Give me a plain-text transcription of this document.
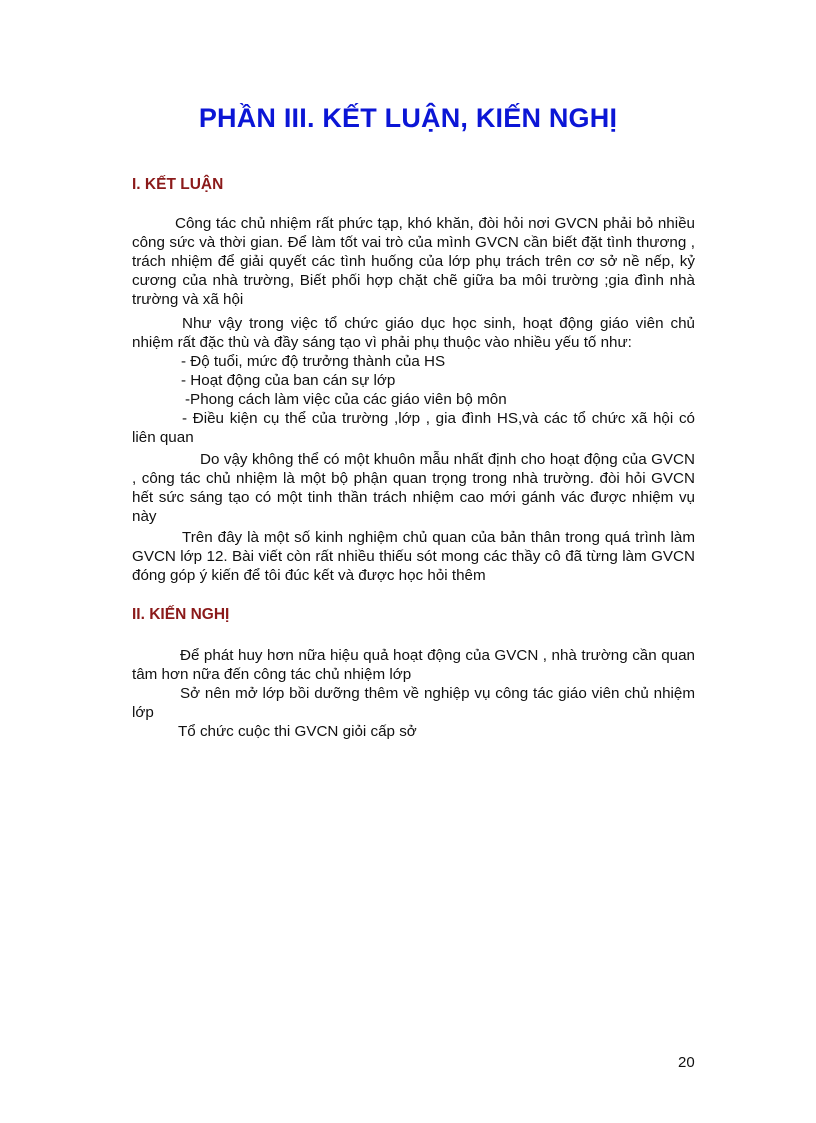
PHẦN III. KẾT LUẬN, KIẾN NGHỊ
I. KẾT LUẬN

Công tác chủ nhiệm rất phức tạp, khó khăn, đòi hỏi nơi GVCN phải bỏ nhiều công sức và thời gian. Để làm tốt vai trò của mình GVCN cần biết đặt tình thương , trách nhiệm để giải quyết các tình huống của lớp phụ trách trên cơ sở nề nếp, kỷ cương của nhà trường, Biết phối hợp chặt chẽ giữa ba môi trường ;gia đình nhà trường và xã hội

Như vậy trong việc tổ chức giáo dục học sinh, hoạt động giáo viên chủ nhiệm rất đặc thù và đầy sáng tạo vì phải phụ thuộc vào nhiều yếu tố như:

- Độ tuổi, mức độ trưởng thành của HS

- Hoạt động của ban cán sự lớp

-Phong cách làm việc của các giáo viên bộ môn

- Điều kiện cụ thể của trường ,lớp , gia đình HS,và các tổ chức xã hội có liên quan

Do vậy không thể có một khuôn mẫu nhất định cho hoạt động của GVCN , công tác chủ nhiệm là một bộ phận quan trọng trong nhà trường. đòi hỏi GVCN hết sức sáng tạo có một tinh thần trách nhiệm cao mới gánh vác được nhiệm vụ này

Trên đây là một số kinh nghiệm chủ quan của bản thân trong quá trình làm GVCN lớp 12. Bài viết còn rất nhiều thiếu sót mong các thầy cô đã từng làm GVCN đóng góp ý kiến để tôi đúc kết và được học hỏi thêm

II. KIẾN NGHỊ

Để phát huy hơn nữa hiệu quả hoạt động của GVCN , nhà trường cần quan tâm hơn nữa đến công tác chủ nhiệm lớp

Sở nên mở lớp bồi dưỡng thêm về nghiệp vụ công tác giáo viên chủ nhiệm lớp

Tổ chức cuộc thi GVCN giỏi cấp sở

20
